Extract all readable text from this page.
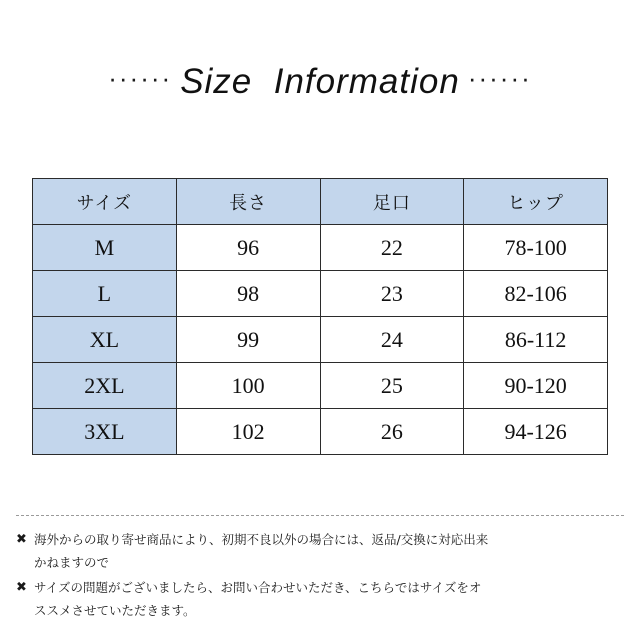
······ Size  Information ······
サイズ	長さ	足口	ヒップ
M	96	22	78-100
L	98	23	82-106
XL	99	24	86-112
2XL	100	25	90-120
3XL	102	26	94-126
✖ 海外からの取り寄せ商品により、初期不良以外の場合には、返品/交換に対応出来
かねますので
✖ サイズの問題がございましたら、お問い合わせいただき、こちらではサイズをオ
ススメさせていただきます。
